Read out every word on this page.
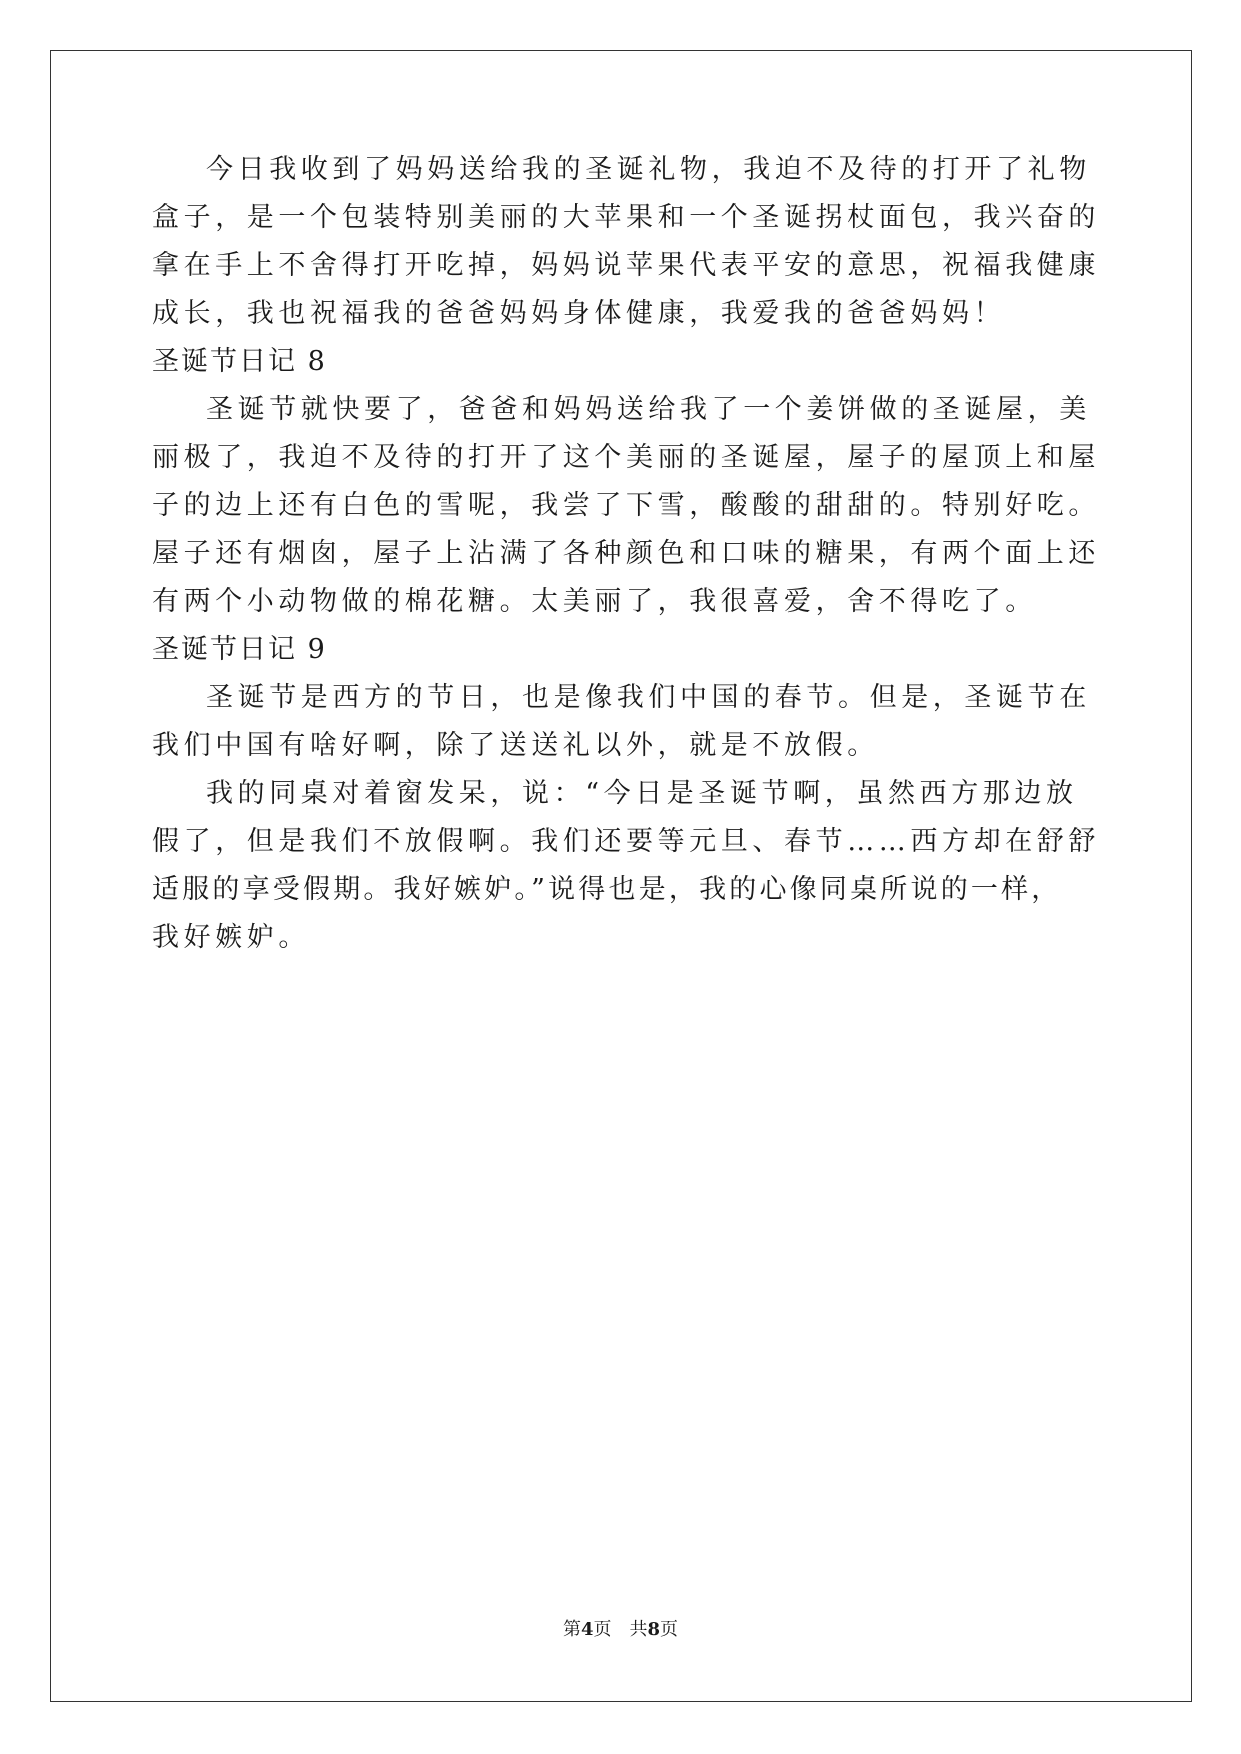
今日我收到了妈妈送给我的圣诞礼物，我迫不及待的打开了礼物
盒子，是一个包装特别美丽的大苹果和一个圣诞拐杖面包，我兴奋的
拿在手上不舍得打开吃掉，妈妈说苹果代表平安的意思，祝福我健康
成长，我也祝福我的爸爸妈妈身体健康，我爱我的爸爸妈妈！
圣诞节日记 8
圣诞节就快要了，爸爸和妈妈送给我了一个姜饼做的圣诞屋，美
丽极了，我迫不及待的打开了这个美丽的圣诞屋，屋子的屋顶上和屋
子的边上还有白色的雪呢，我尝了下雪，酸酸的甜甜的。特别好吃。
屋子还有烟囱，屋子上沾满了各种颜色和口味的糖果，有两个面上还
有两个小动物做的棉花糖。太美丽了，我很喜爱，舍不得吃了。
圣诞节日记 9
圣诞节是西方的节日，也是像我们中国的春节。但是，圣诞节在
我们中国有啥好啊，除了送送礼以外，就是不放假。
我的同桌对着窗发呆，说：“今日是圣诞节啊，虽然西方那边放
假了，但是我们不放假啊。我们还要等元旦、春节……西方却在舒舒
适服的享受假期。我好嫉妒。”说得也是，我的心像同桌所说的一样，
我好嫉妒。
第4页 共8页
